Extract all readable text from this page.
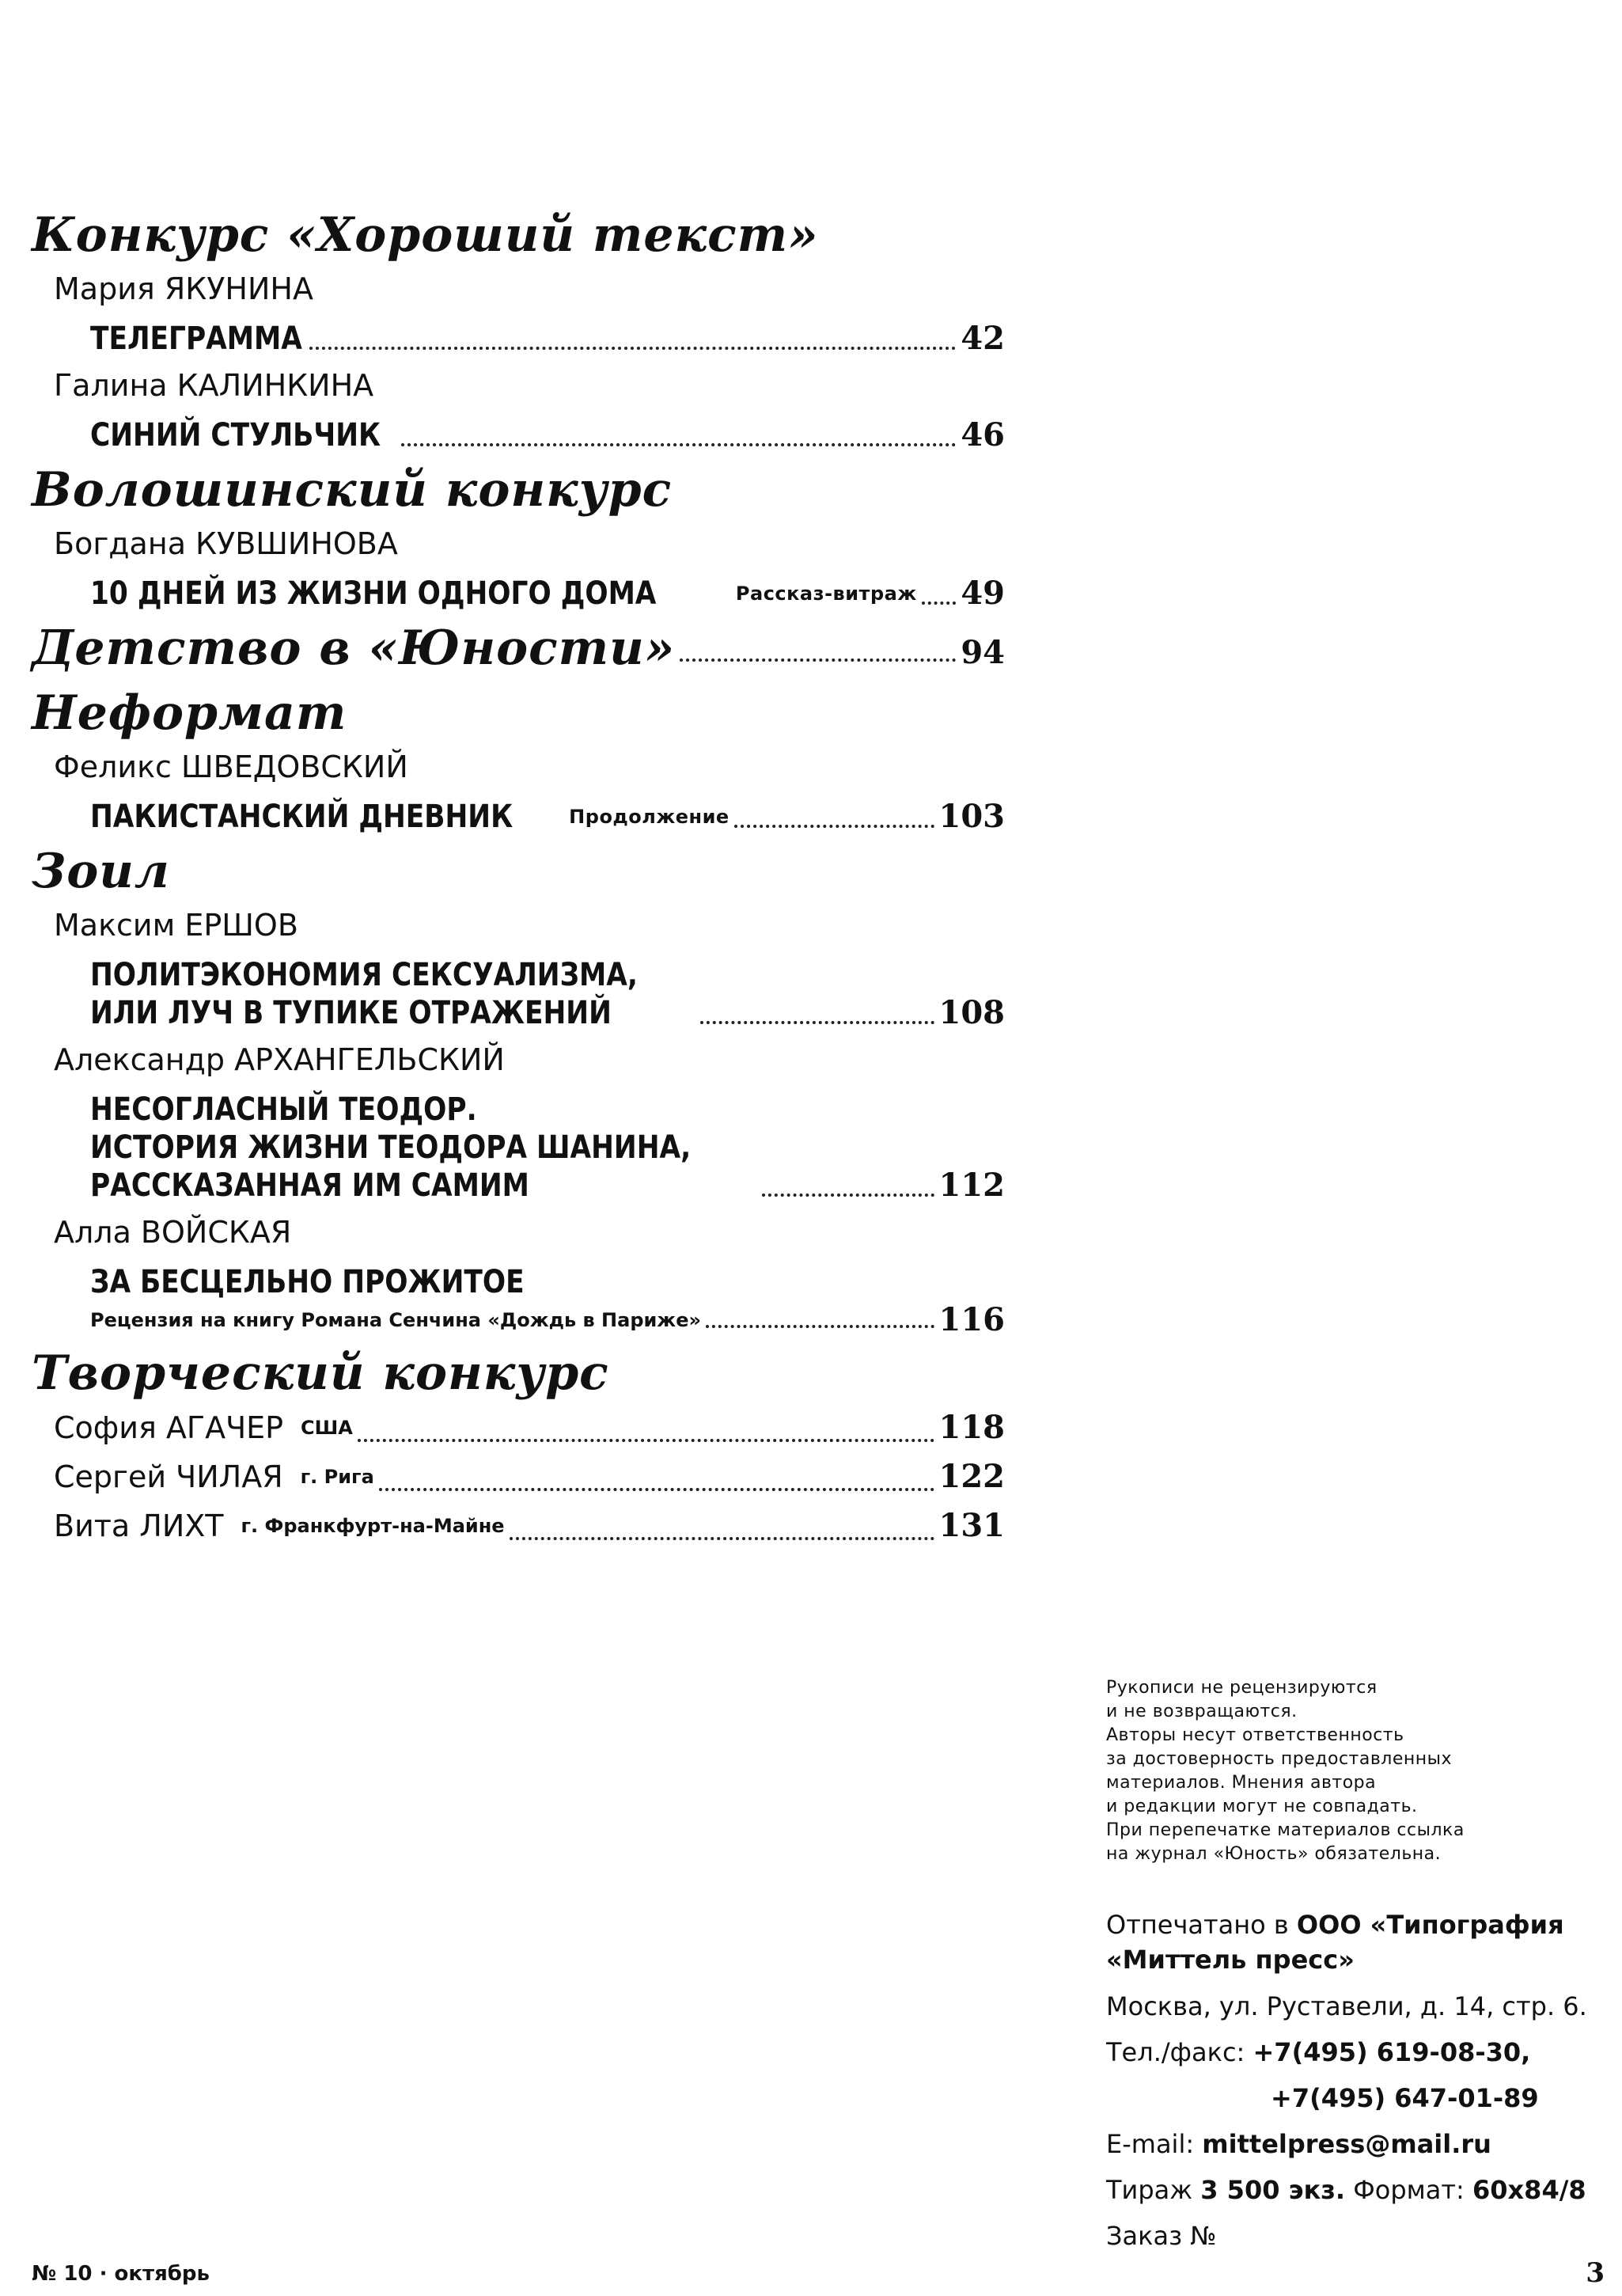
Конкурс «Хороший текст»
Мария ЯКУНИНА
ТЕЛЕГРАММА	42
Галина КАЛИНКИНА
СИНИЙ СТУЛЬЧИК	46
Волошинский конкурс
Богдана КУВШИНОВА
10 ДНЕЙ ИЗ ЖИЗНИ ОДНОГО ДОМА	Рассказ-витраж 49
Детство в «Юности»	94
Неформат
Феликс ШВЕДОВСКИЙ
ПАКИСТАНСКИЙ ДНЕВНИК	Продолжение	103
Зоил
Максим ЕРШОВ
ПОЛИТЭКОНОМИЯ СЕКСУАЛИЗМА,
ИЛИ ЛУЧ В ТУПИКЕ ОТРАЖЕНИЙ	108
Александр АРХАНГЕЛЬСКИЙ
НЕСОГЛАСНЫЙ ТЕОДОР.
ИСТОРИЯ ЖИЗНИ ТЕОДОРА ШАНИНА,
РАССКАЗАННАЯ ИМ САМИМ	112
Алла ВОЙСКАЯ
ЗА БЕСЦЕЛЬНО ПРОЖИТОЕ
Рецензия на книгу Романа Сенчина «Дождь в Париже»	116
Творческий конкурс
София АГАЧЕР США	118
Сергей ЧИЛАЯ г. Рига	122
Вита ЛИХТ г. Франкфурт-на-Майне	131
Рукописи не рецензируются
и не возвращаются.
Авторы несут ответственность
за достоверность предоставленных
материалов. Мнения автора
и редакции могут не совпадать.
При перепечатке материалов ссылка
на журнал «Юность» обязательна.
Отпечатано в ООО «Типография
«Миттель пресс»
Москва, ул. Руставели, д. 14, стр. 6.
Тел./факс: +7(495) 619-08-30,
+7(495) 647-01-89
E-mail: mittelpress@mail.ru
Тираж 3 500 экз. Формат: 60x84/8
Заказ №
№ 10 · октябрь	3
